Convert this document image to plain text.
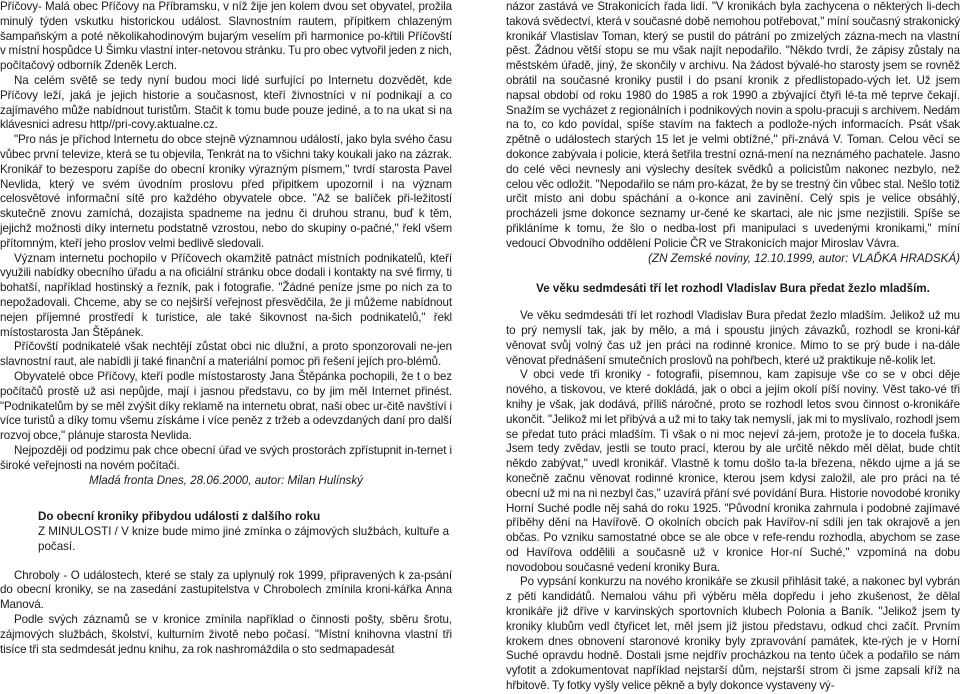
Příčovy- Malá obec Příčovy na Příbramsku, v níž žije jen kolem dvou set obyvatel, prožila minulý týden vskutku historickou událost. Slavnostním rautem, přípitkem chlazeným šampaňským a poté několikahodinovým bujarým veselím při harmonice po-křtili Příčovští v místní hospůdce U Šimku vlastní inter-netovou stránku. Tu pro obec vytvořil jeden z nich, počítačový odborník Zdeněk Lerch.

Na celém světě se tedy nyní budou moci lidé surfující po Internetu dozvědět, kde Příčovy leží, jaká je jejich historie a současnost, kteří živnostníci v ní podnikají a co zajímavého může nabídnout turistům. Stačit k tomu bude pouze jediné, a to na ukat si na klávesnici adresu http//pri-covy.aktualne.cz.

"Pro nás je příchod Internetu do obce stejně významnou událostí, jako byla svého času vůbec první televize, která se tu objevila, Tenkrát na to všichni taky koukali jako na zázrak. Kronikář to bezesporu zapíše do obecní kroniky výrazným písmem," tvrdí starosta Pavel Nevlida, který ve svém úvodním proslovu před připitkem upozornil i na význam celosvětové informační sítě pro každého obyvatele obce. "Až se balíček při-ležitostí skutečně znovu zamíchá, dozajista spadneme na jednu či druhou stranu, buď k těm, jejichž možnosti díky internetu podstatně vzrostou, nebo do skupiny o-pačné," řekl všem přítomným, kteří jeho proslov velmi bedlivě sledovali.

Význam internetu pochopilo v Příčovech okamžitě patnáct místních podnikatelů, kteří využili nabídky obecního úřadu a na oficiální stránku obce dodali i kontakty na své firmy, ti bohatší, například hostinský a řezník, pak i fotografie. "Žádné peníze jsme po nich za to nepožadovali. Chceme, aby se co nejširší veřejnost přesvědčila, že ji můžeme nabídnout nejen příjemné prostředí k turistice, ale také šikovnost na-šich podnikatelů," řekl místostarosta Jan Štěpánek.

Příčovští podnikatelé však nechtějí zůstat obci nic dlužní, a proto sponzorovali ne-jen slavnostní raut, ale nabídli ji také finanční a materiální pomoc při řešení jejích pro-blémů.

Obyvatelé obce Příčovy, kteří podle místostarosty Jana Štěpánka pochopili, že t o bez počítačů prostě už asi nepůjde, mají i jasnou představu, co by jim měl Internet přinést. "Podnikatelům by se měl zvýšit díky reklamě na internetu obrat, naši obec ur-čitě navštíví i více turistů a díky tomu všemu získáme i více peněz z tržeb a odevzdaných daní pro další rozvoj obce," plánuje starosta Nevlida.

Nejpozději od podzimu pak chce obecní úřad ve svých prostorách zpřístupnit in-ternet i široké veřejnosti na novém počítači.

Mladá fronta Dnes, 28.06.2000, autor: Milan Hulínský

Do obecní kroniky přibydou události z dalšího roku

Z MINULOSTI / V knize bude mimo jiné zmínka o zájmových službách, kultuře a počasí.

Chroboly - O událostech, které se staly za uplynulý rok 1999, připravených k za-psání do obecní kroniky, se na zasedání zastupitelstva v Chrobolech zmínila kroni-kářka Anna Manová.

Podle svých záznamů se v kronice zmínila například o činnosti pošty, sběru šrotu, zájmových službách, školství, kulturním životě nebo počasí. "Místní knihovna vlastní tři tisíce tři sta sedmdesát jednu knihu, za rok nashromáždila o sto sedmapadesát

názor zastává ve Strakonicích řada lidí. "V kronikách byla zachycena o některých li-dech taková svědectví, která v současné době nemohou potřebovat," míní současný strakonický kronikář Vlastislav Toman, který se pustil do pátrání po zmizelých zázna-mech na vlastní pěst. Žádnou větší stopu se mu však najít nepodařilo. "Někdo tvrdí, že zápisy zůstaly na městském úřadě, jiný, že skončily v archivu. Na žádost bývalé-ho starosty jsem se rovněž obrátil na současné kroniky pustil i do psaní kronik z předlistopado-vých let. Už jsem napsal období od roku 1980 do 1985 a rok 1990 a zbývající čtyři lé-ta mě teprve čekají. Snažím se vycházet z regionálních i podnikových novin a spolu-pracuji s archivem. Nedám na to, co kdo povídal, spíše stavím na faktech a podlože-ných informacích. Psát však zpětně o událostech starých 15 let je velmi obtížné," při-znává V. Toman. Celou věcí se dokonce zabývala i policie, která šetřila trestní ozná-mení na neznámého pachatele. Jasno do celé věci nevnesly ani výslechy desítek svědků a policistům nakonec nezbylo, než celou věc odložit. "Nepodařilo se nám pro-kázat, že by se trestný čin vůbec stal. Nešlo totiž určit místo ani dobu spáchání a o-konce ani zavinění. Celý spis je velice obsáhlý, procházeli jsme dokonce seznamy ur-čené ke skartaci, ale nic jsme nezjistili. Spíše se přikláníme k tomu, že šlo o nedba-lost při manipulaci s uvedenými kronikami," míní vedoucí Obvodního oddělení Policie ČR ve Strakonicích major Miroslav Vávra.

(ZN Zemské noviny, 12.10.1999, autor: VLAĎKA HRADSKÁ)

Ve věku sedmdesáti tří let rozhodl Vladislav Bura předat žezlo mladším.

Ve věku sedmdesáti tří let rozhodl Vladislav Bura předat žezlo mladším. Jelikož už mu to prý nemyslí tak, jak by mělo, a má i spoustu jiných závazků, rozhodl se kroni-kář věnovat svůj volný čas už jen práci na rodinné kronice. Mimo to se prý bude i na-dále věnovat přednášení smutečních proslovů na pohřbech, které už praktikuje ně-kolik let.

V obci vede tři kroniky - fotografii, písemnou, kam zapisuje vše co se v obci děje nového, a tiskovou, ve které dokládá, jak o obci a jejím okolí píší noviny. Věst tako-vé tři knihy je však, jak dodává, příliš náročné, proto se rozhodl letos svou činnost o-kronikáře ukončit. "Jelikož mi let přibývá a už mi to taky tak nemyslí, jak mi to myslívalo, rozhodl jsem se předat tuto práci mladším. Ti však o ni moc nejeví zá-jem, protože je to docela fuška. Jsem tedy zvědav, jestli se touto prací, kterou by ale určitě někdo měl dělat, bude chtít někdo zabývat," uvedl kronikář. Vlastně k tomu došlo ta-la březena, někdo ujme a já se konečně začnu věnovat rodinné kronice, kterou jsem kdysi založil, ale pro práci na té obecní už mi na ni nezbyl čas," uzavírá přání své povídání Bura. Historie novodobé kroniky Horní Suché podle něj sahá do roku 1925. "Původní kronika zahrnula i podobné zajímavé příběhy dění na Havířově. O okolních obcích pak Havířov-ní sdíli jen tak okrajově a jen občas. Po vzniku samostatné obce se ale obce v refe-rendu rozhodla, abychom se zase od Havířova oddělili a současně už v kronice Hor-ní Suché," vzpomíná na dobu novodobou současné vedení kroniky Bura.

Po vypsání konkurzu na nového kronikáře se zkusil přihlásit také, a nakonec byl vybrán z pěti kandidátů. Nemalou váhu při výběru měla dopředu i jeho zkušenost, že dělal kronikáře již dříve v karvinských sportovních klubech Polonia a Baník. "Jelikož jsem ty kroniky klubům vedl čtyřicet let, měl jsem již jistou představu, odkud chci začít. Prvním krokem dnes obnovení staronové kroniky byly zpravování památek, kte-rých je v Horní Suché opravdu hodně. Dostali jsme nejdřív procházkou na tento úček a podařilo se nám vyfotit a zdokumentovat například nejstarší dům, nejstarší strom či jsme zapsali kříž na hřbitově. Ty fotky vyšly velice pěkně a byly dokonce vystaveny vý-
